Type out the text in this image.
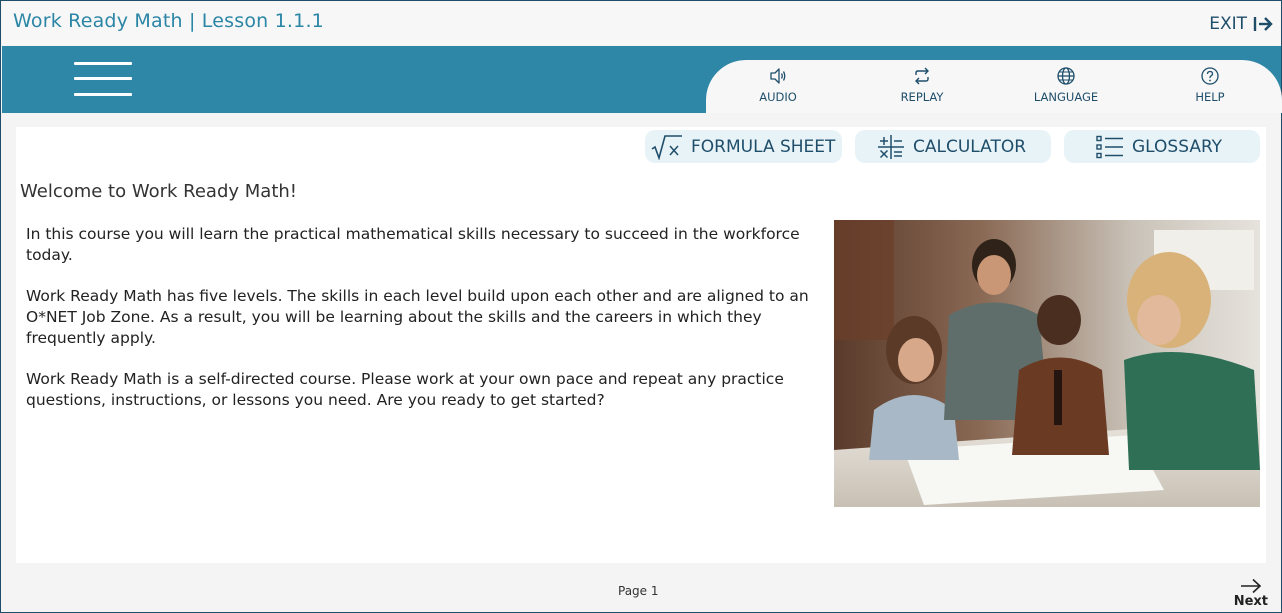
Work Ready Math | Lesson 1.1.1	EXIT
AUDIO	REPLAY	LANGUAGE	HELP
FORMULA SHEET	CALCULATOR	GLOSSARY
Welcome to Work Ready Math!

In this course you will learn the practical mathematical skills necessary to succeed in the workforce today.

Work Ready Math has five levels. The skills in each level build upon each other and are aligned to an O*NET Job Zone. As a result, you will be learning about the skills and the careers in which they frequently apply.

Work Ready Math is a self-directed course. Please work at your own pace and repeat any practice questions, instructions, or lessons you need. Are you ready to get started?

Page 1
Next
